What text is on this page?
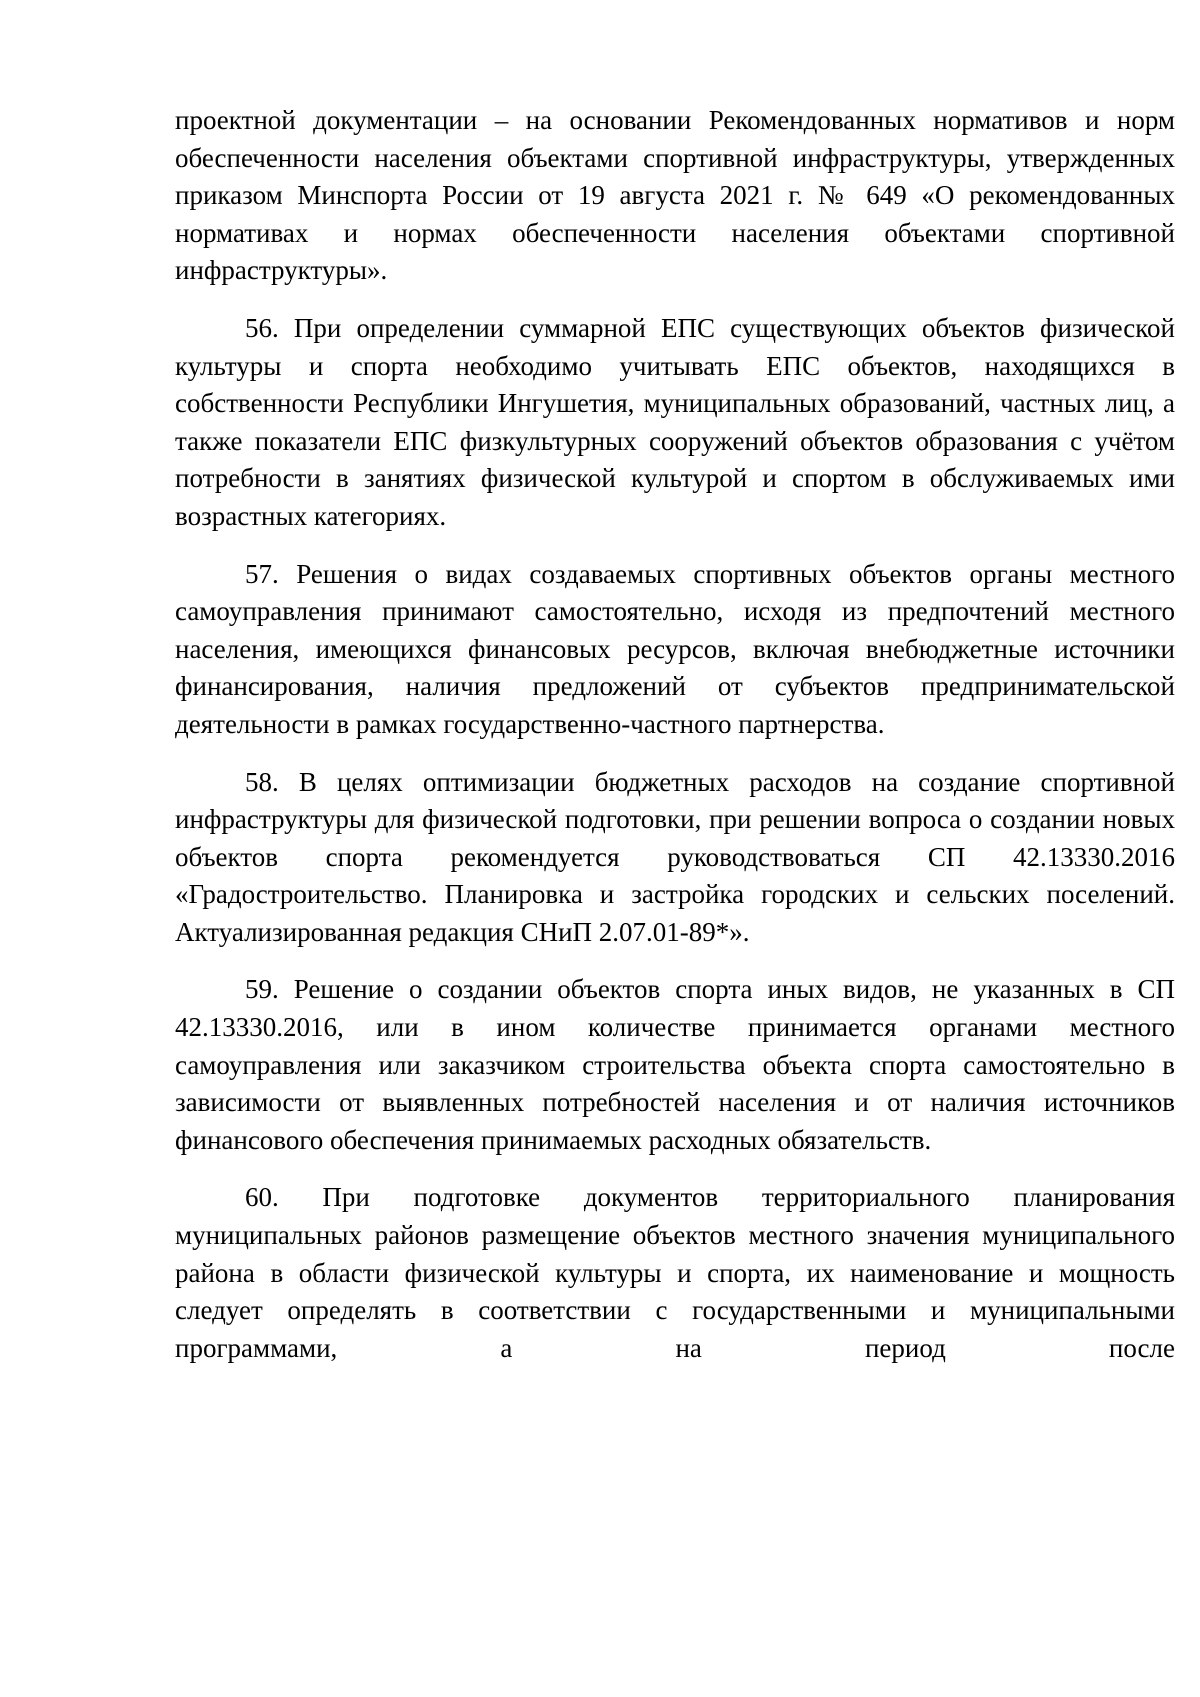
проектной документации – на основании Рекомендованных нормативов и норм обеспеченности населения объектами спортивной инфраструктуры, утвержденных приказом Минспорта России от 19 августа 2021 г. № 649 «О рекомендованных нормативах и нормах обеспеченности населения объектами спортивной инфраструктуры».

56. При определении суммарной ЕПС существующих объектов физической культуры и спорта необходимо учитывать ЕПС объектов, находящихся в собственности Республики Ингушетия, муниципальных образований, частных лиц, а также показатели ЕПС физкультурных сооружений объектов образования с учётом потребности в занятиях физической культурой и спортом в обслуживаемых ими возрастных категориях.

57. Решения о видах создаваемых спортивных объектов органы местного самоуправления принимают самостоятельно, исходя из предпочтений местного населения, имеющихся финансовых ресурсов, включая внебюджетные источники финансирования, наличия предложений от субъектов предпринимательской деятельности в рамках государственно-частного партнерства.

58. В целях оптимизации бюджетных расходов на создание спортивной инфраструктуры для физической подготовки, при решении вопроса о создании новых объектов спорта рекомендуется руководствоваться СП 42.13330.2016 «Градостроительство. Планировка и застройка городских и сельских поселений. Актуализированная редакция СНиП 2.07.01-89*».

59. Решение о создании объектов спорта иных видов, не указанных в СП 42.13330.2016, или в ином количестве принимается органами местного самоуправления или заказчиком строительства объекта спорта самостоятельно в зависимости от выявленных потребностей населения и от наличия источников финансового обеспечения принимаемых расходных обязательств.

60. При подготовке документов территориального планирования муниципальных районов размещение объектов местного значения муниципального района в области физической культуры и спорта, их наименование и мощность следует определять в соответствии с государственными и муниципальными программами, а на период после
